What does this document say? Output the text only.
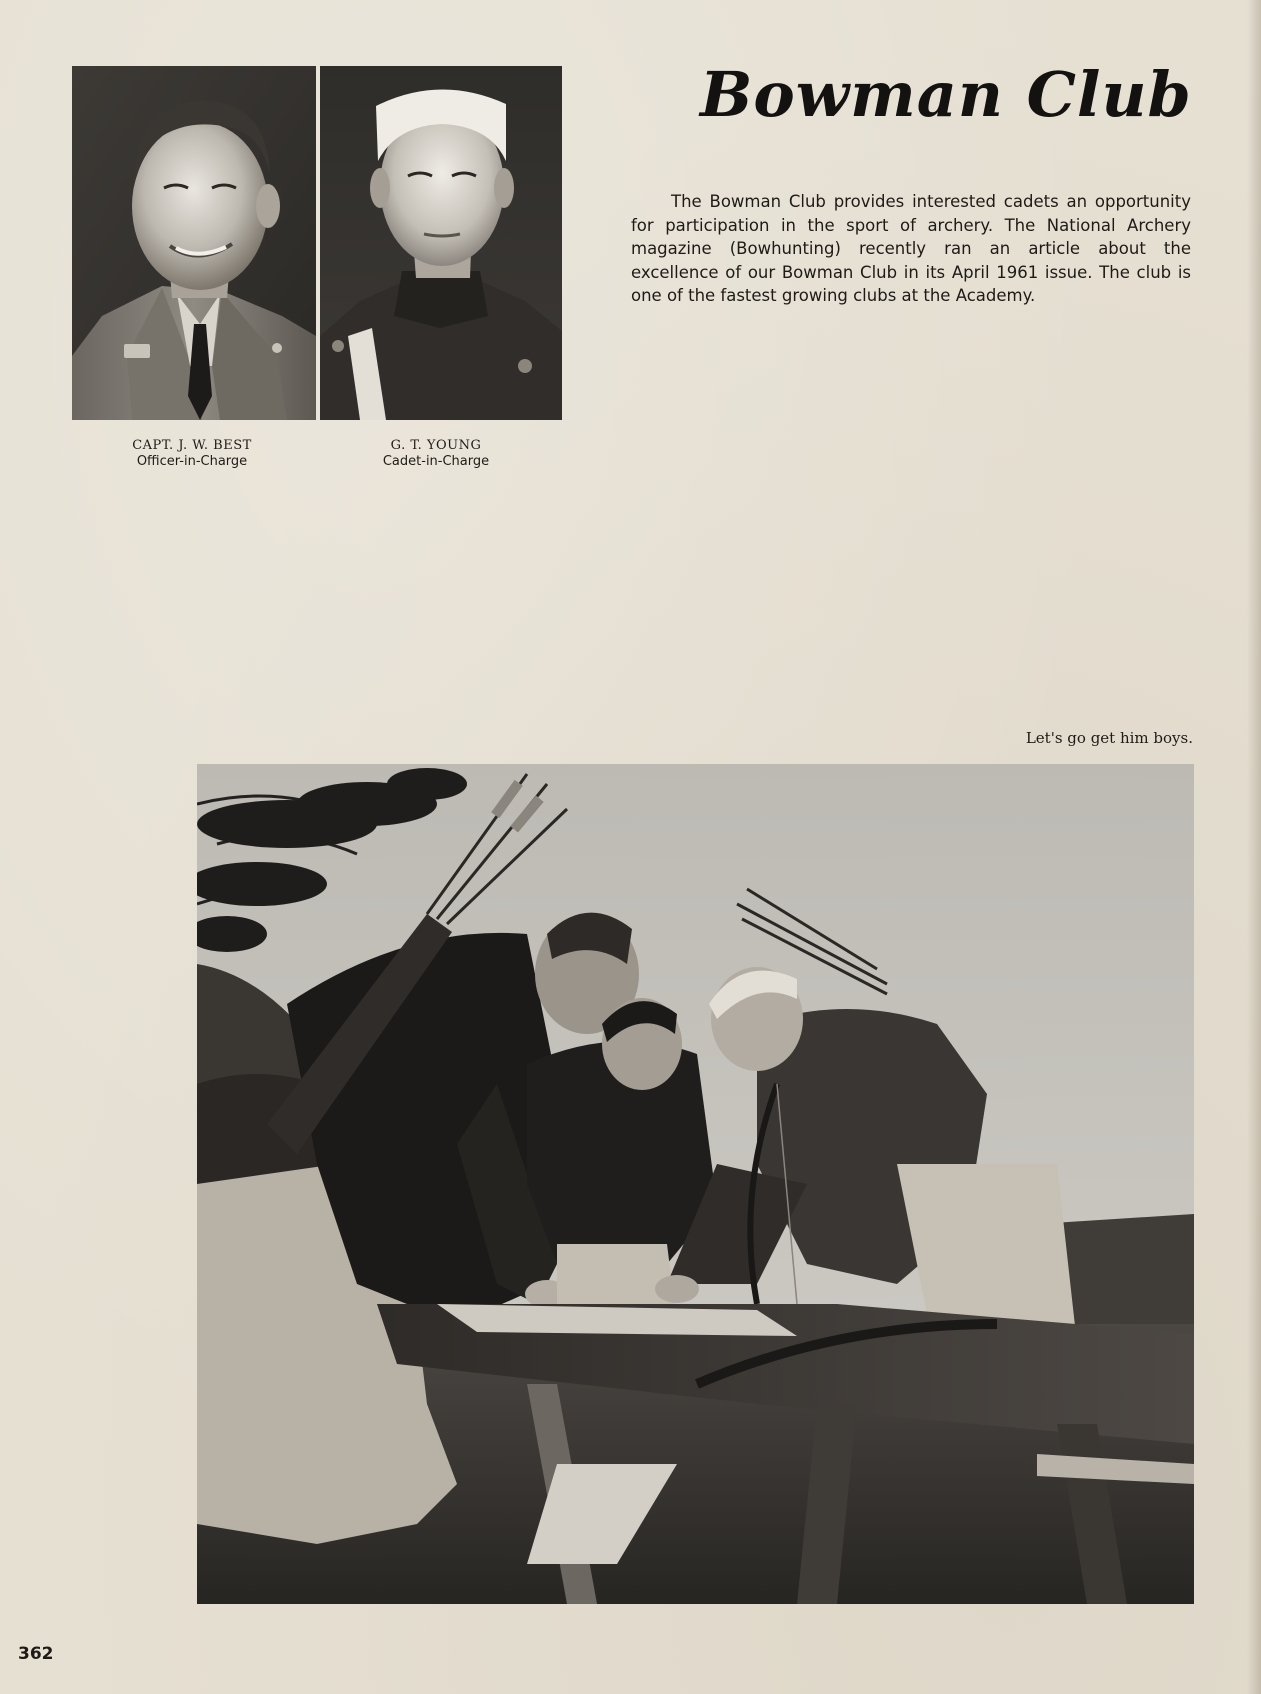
CAPT. J. W. BEST
Officer-in-Charge
G. T. YOUNG
Cadet-in-Charge
Bowman Club

The Bowman Club provides interested cadets an opportunity for participation in the sport of archery. The National Archery magazine (Bowhunting) recently ran an article about the excellence of our Bowman Club in its April 1961 issue. The club is one of the fastest growing clubs at the Academy.

Let's go get him boys.
362
